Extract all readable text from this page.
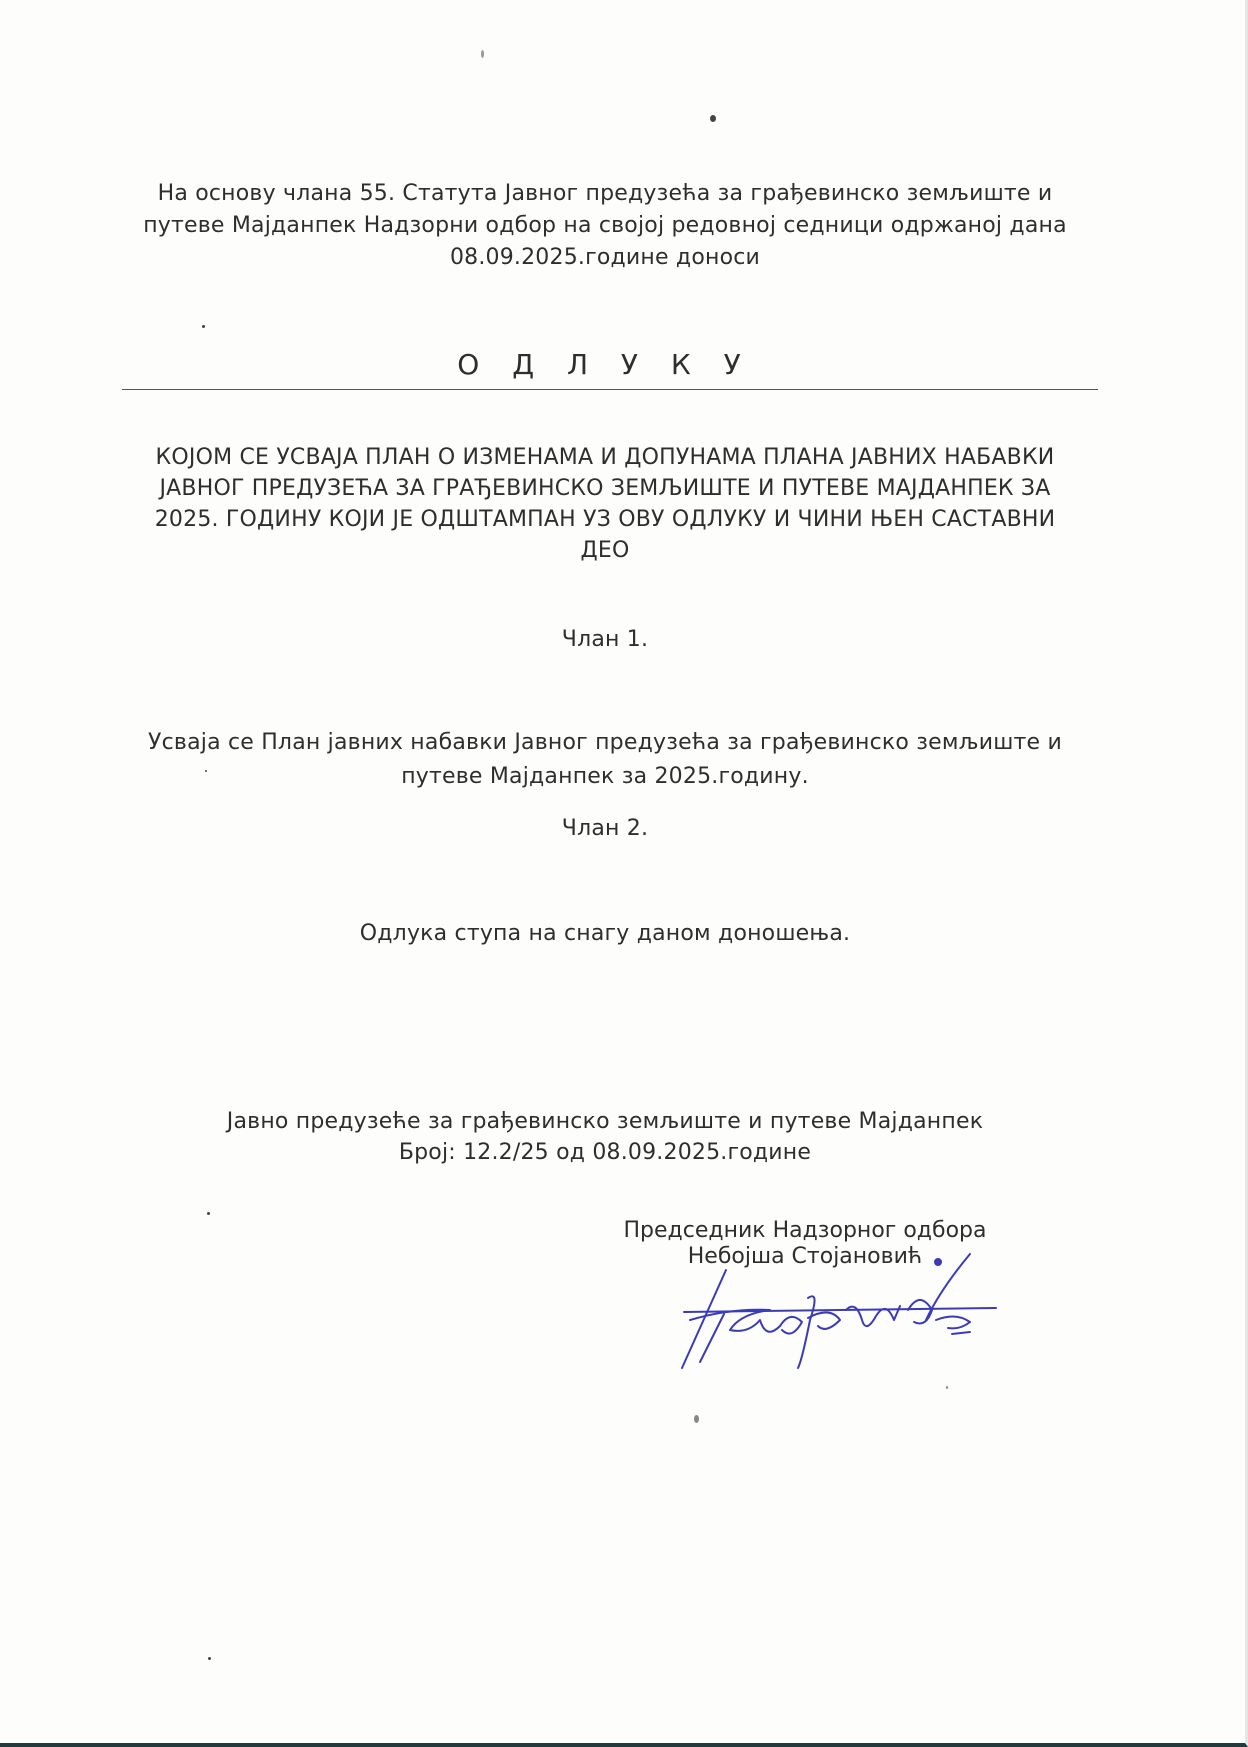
На основу члана 55. Статута Јавног предузећа за грађевинско земљиште и
путеве Мајданпек Надзорни одбор на својој редовној седници одржаној дана
08.09.2025.године доноси
О Д Л У К У
КОЈОМ СЕ УСВАЈА ПЛАН О ИЗМЕНАМА И ДОПУНАМА ПЛАНА ЈАВНИХ НАБАВКИ
ЈАВНОГ ПРЕДУЗЕЋА ЗА ГРАЂЕВИНСКО ЗЕМЉИШТЕ И ПУТЕВЕ МАЈДАНПЕК ЗА
2025. ГОДИНУ КОЈИ ЈЕ ОДШТАМПАН УЗ ОВУ ОДЛУКУ И ЧИНИ ЊЕН САСТАВНИ
ДЕО
Члан 1.
Усваја се План јавних набавки Јавног предузећа за грађевинско земљиште и
путеве Мајданпек за 2025.годину.
Члан 2.
Одлука ступа на снагу даном доношења.
Јавно предузеће за грађевинско земљиште и путеве Мајданпек
Број: 12.2/25 од 08.09.2025.године
Председник Надзорног одбора
Небојша Стојановић
